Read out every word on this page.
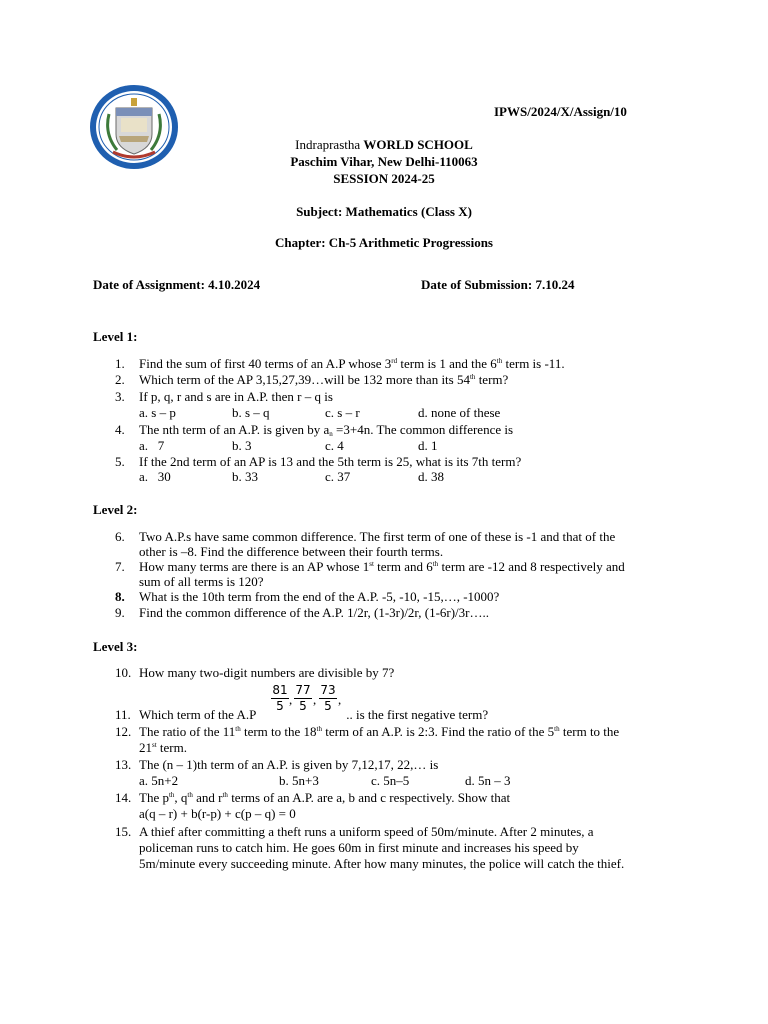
IPWS/2024/X/Assign/10
Indraprastha WORLD SCHOOL
Paschim Vihar, New Delhi-110063
SESSION 2024-25
Subject: Mathematics (Class X)
Chapter: Ch-5 Arithmetic Progressions
Date of Assignment: 4.10.2024	Date of Submission: 7.10.24
Level 1:
1.	Find the sum of first 40 terms of an A.P whose 3rd term is 1 and the 6th term is -11.
2.	Which term of the AP 3,15,27,39…will be 132 more than its 54th term?
3.	If p, q, r and s are in A.P. then r – q is
a. s – p	b. s – q	c. s – r	d. none of these
4.	The nth term of an A.P. is given by $a_n =3+4n$. The common difference is
a.   7	b. 3	c. 4	d. 1
5.	If the 2nd term of an AP is 13 and the 5th term is 25, what is its 7th term?
a.   30	b. 33	c. 37	d. 38
Level 2:
6.	Two A.P.s have same common difference. The first term of one of these is -1 and that of the
other is –8. Find the difference between their fourth terms.
7.	How many terms are there is an AP whose 1st term and 6th term are -12 and 8 respectively and
sum of all terms is 120?
8.	What is the 10th term from the end of the A.P. -5, -10, -15,…, -1000?
9.	Find the common difference of the A.P. 1/2r, (1-3r)/2r, (1-6r)/3r…..
Level 3:
10. How many two-digit numbers are divisible by 7?
$\frac{81}{5}$ , $\frac{77}{5}$ , $\frac{73}{5}$ ,
11. Which term of the A.P	.. is the first negative term?
12. The ratio of the 11th term to the 18th term of an A.P. is 2:3. Find the ratio of the 5th term to the
21st term.
13. The (n – 1)th term of an A.P. is given by 7,12,17, 22,… is
a. 5n+2	b. 5n+3	c. 5n–5	d. 5n – 3
14. The $p^{th}$, $q^{th}$ and $r^{th}$ terms of an A.P. are a, b and c respectively. Show that
a(q – r) + b(r-p) + c(p – q) = 0
15. A thief after committing a theft runs a uniform speed of 50m/minute. After 2 minutes, a
policeman runs to catch him. He goes 60m in first minute and increases his speed by
5m/minute every succeeding minute. After how many minutes, the police will catch the thief.
